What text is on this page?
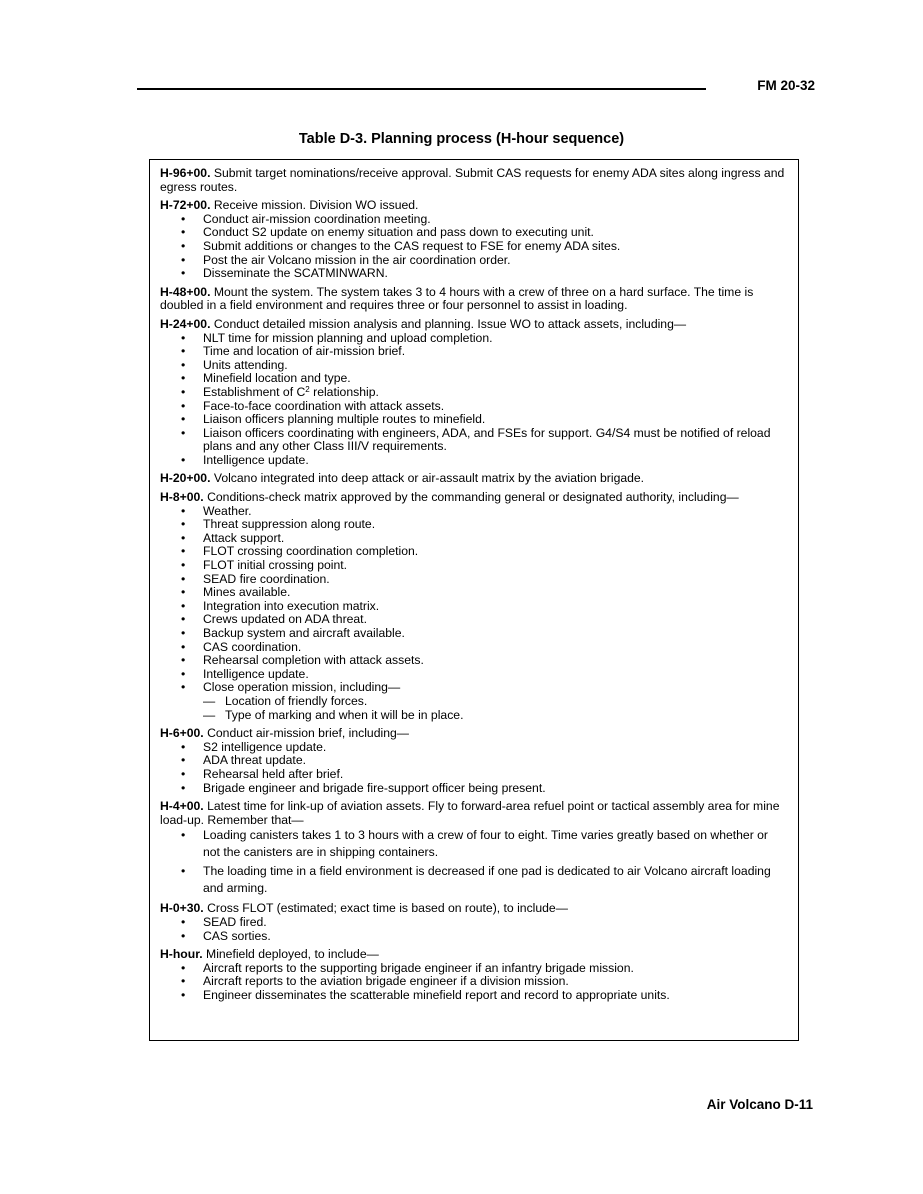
FM 20-32
Table D-3. Planning process (H-hour sequence)

H-96+00. Submit target nominations/receive approval. Submit CAS requests for enemy ADA sites along ingress and egress routes.

H-72+00. Receive mission. Division WO issued.

• Conduct air-mission coordination meeting.
• Conduct S2 update on enemy situation and pass down to executing unit.
• Submit additions or changes to the CAS request to FSE for enemy ADA sites.
• Post the air Volcano mission in the air coordination order.
• Disseminate the SCATMINWARN.

H-48+00. Mount the system. The system takes 3 to 4 hours with a crew of three on a hard surface. The time is doubled in a field environment and requires three or four personnel to assist in loading.

H-24+00. Conduct detailed mission analysis and planning. Issue WO to attack assets, including—

• NLT time for mission planning and upload completion.
• Time and location of air-mission brief.
• Units attending.
• Minefield location and type.
• Establishment of $C^2$ relationship.
• Face-to-face coordination with attack assets.
• Liaison officers planning multiple routes to minefield.
• Liaison officers coordinating with engineers, ADA, and FSEs for support. G4/S4 must be notified of reload plans and any other Class III/V requirements.
• Intelligence update.

H-20+00. Volcano integrated into deep attack or air-assault matrix by the aviation brigade.

H-8+00. Conditions-check matrix approved by the commanding general or designated authority, including—

• Weather.
• Threat suppression along route.
• Attack support.
• FLOT crossing coordination completion.
• FLOT initial crossing point.
• SEAD fire coordination.
• Mines available.
• Integration into execution matrix.
• Crews updated on ADA threat.
• Backup system and aircraft available.
• CAS coordination.
• Rehearsal completion with attack assets.
• Intelligence update.
• Close operation mission, including—
— Location of friendly forces.
— Type of marking and when it will be in place.

H-6+00. Conduct air-mission brief, including—

• S2 intelligence update.
• ADA threat update.
• Rehearsal held after brief.
• Brigade engineer and brigade fire-support officer being present.

H-4+00. Latest time for link-up of aviation assets. Fly to forward-area refuel point or tactical assembly area for mine load-up. Remember that—

• Loading canisters takes 1 to 3 hours with a crew of four to eight. Time varies greatly based on whether or not the canisters are in shipping containers.
• The loading time in a field environment is decreased if one pad is dedicated to air Volcano aircraft loading and arming.

H-0+30. Cross FLOT (estimated; exact time is based on route), to include—

• SEAD fired.
• CAS sorties.

H-hour. Minefield deployed, to include—

• Aircraft reports to the supporting brigade engineer if an infantry brigade mission.
• Aircraft reports to the aviation brigade engineer if a division mission.
• Engineer disseminates the scatterable minefield report and record to appropriate units.
Air Volcano D-11
